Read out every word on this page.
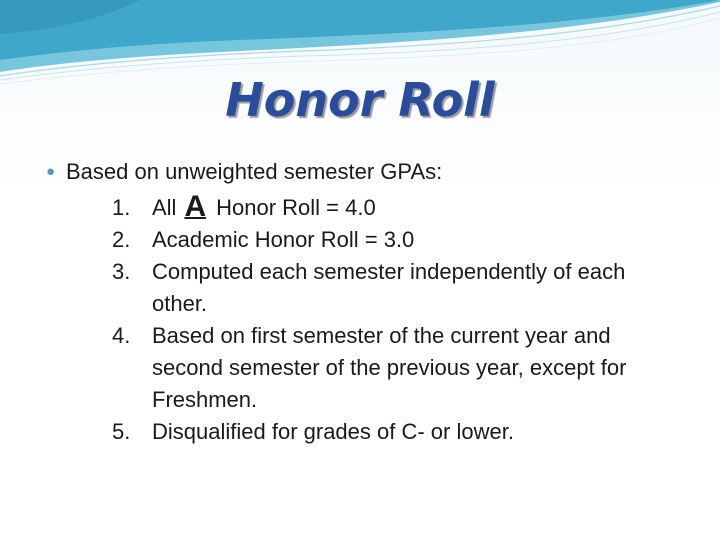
Honor Roll

● Based on unweighted semester GPAs:

1. All A Honor Roll = 4.0
2. Academic Honor Roll = 3.0
3. Computed each semester independently of each other.
4. Based on first semester of the current year and second semester of the previous year, except for Freshmen.
5. Disqualified for grades of C- or lower.
